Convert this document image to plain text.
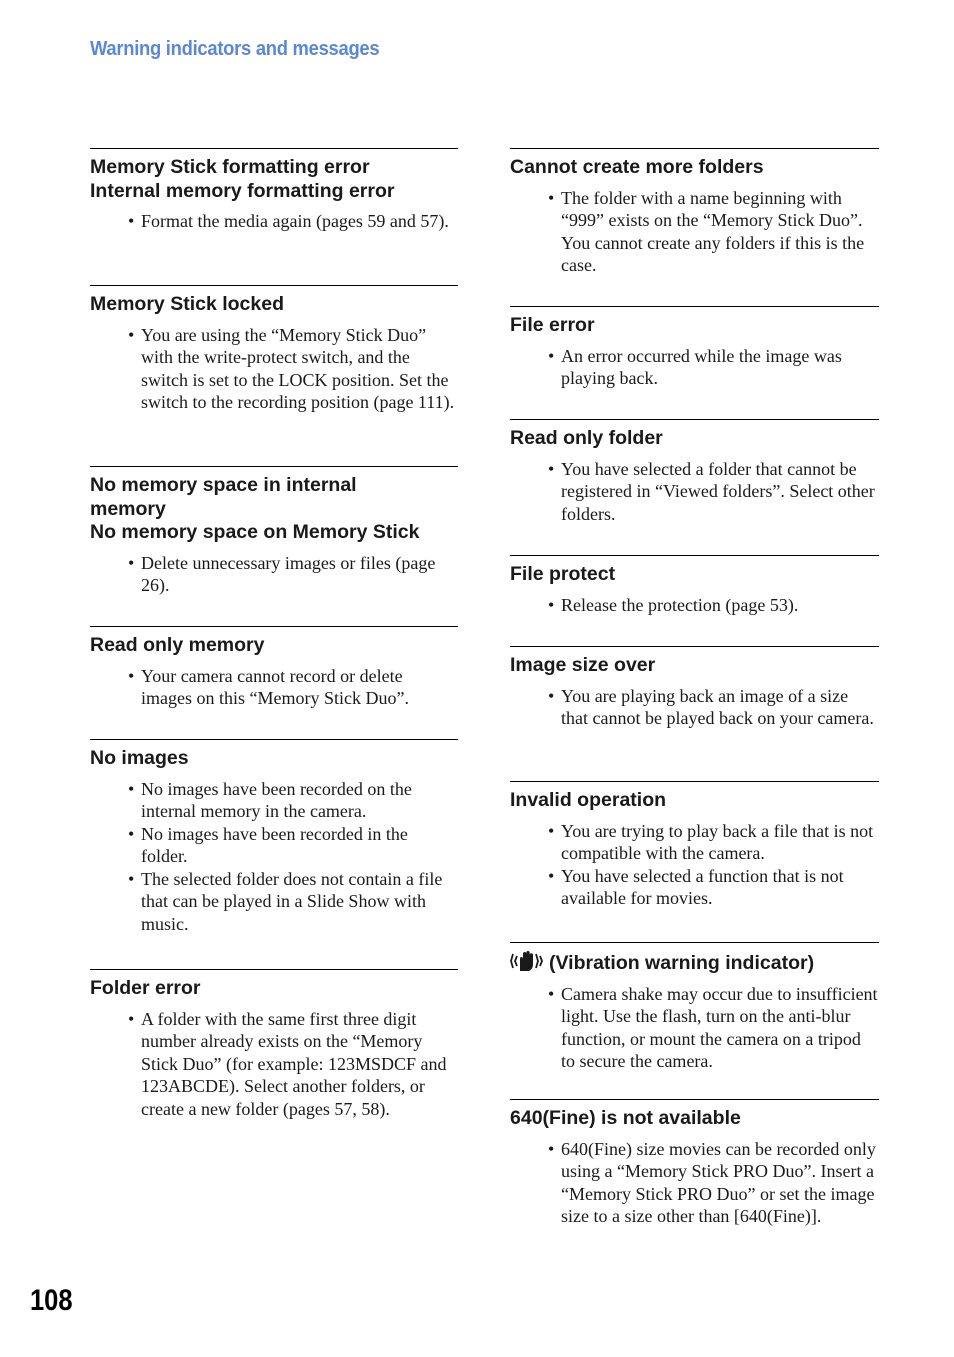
Warning indicators and messages
Memory Stick formatting error
Internal memory formatting error
• Format the media again (pages 59 and 57).
Memory Stick locked
• You are using the “Memory Stick Duo” with the write-protect switch, and the switch is set to the LOCK position. Set the switch to the recording position (page 111).
No memory space in internal memory
No memory space on Memory Stick
• Delete unnecessary images or files (page 26).
Read only memory
• Your camera cannot record or delete images on this “Memory Stick Duo”.
No images
• No images have been recorded on the internal memory in the camera.
• No images have been recorded in the folder.
• The selected folder does not contain a file that can be played in a Slide Show with music.
Folder error
• A folder with the same first three digit number already exists on the “Memory Stick Duo” (for example: 123MSDCF and 123ABCDE). Select another folders, or create a new folder (pages 57, 58).
Cannot create more folders
• The folder with a name beginning with “999” exists on the “Memory Stick Duo”. You cannot create any folders if this is the case.
File error
• An error occurred while the image was playing back.
Read only folder
• You have selected a folder that cannot be registered in “Viewed folders”. Select other folders.
File protect
• Release the protection (page 53).
Image size over
• You are playing back an image of a size that cannot be played back on your camera.
Invalid operation
• You are trying to play back a file that is not compatible with the camera.
• You have selected a function that is not available for movies.
(Vibration warning indicator)
• Camera shake may occur due to insufficient light. Use the flash, turn on the anti-blur function, or mount the camera on a tripod to secure the camera.
640(Fine) is not available
• 640(Fine) size movies can be recorded only using a “Memory Stick PRO Duo”. Insert a “Memory Stick PRO Duo” or set the image size to a size other than [640(Fine)].
108
